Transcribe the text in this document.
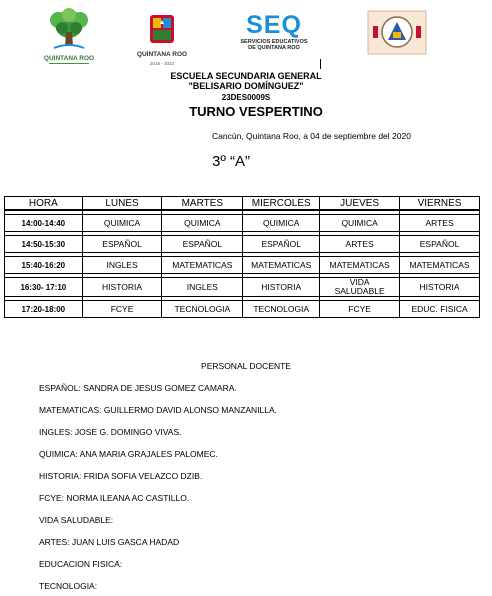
QUINTANA ROO
QUINTANA ROO
2016 - 2022
SEQ
SERVICIOS EDUCATIVOS
DE QUINTANA ROO
ESCUELA SECUNDARIA GENERAL
"BELISARIO DOMÍNGUEZ"
23DES0009S
TURNO VESPERTINO
Cancún, Quintana Roo, a 04 de septiembre del 2020
3º “A”
HORA	LUNES	MARTES	MIERCOLES	JUEVES	VIERNES

14:00-14:40	QUIMICA	QUIMICA	QUIMICA	QUIMICA	ARTES

14:50-15:30	ESPAÑOL	ESPAÑOL	ESPAÑOL	ARTES	ESPAÑOL

15:40-16:20	INGLES	MATEMATICAS	MATEMATICAS	MATEMATICAS	MATEMATICAS

16:30- 17:10	HISTORIA	INGLES	HISTORIA	VIDA SALUDABLE	HISTORIA

17:20-18:00	FCYE	TECNOLOGIA	TECNOLOGIA	FCYE	EDUC. FISICA
PERSONAL DOCENTE
ESPAÑOL: SANDRA DE JESUS GOMEZ CAMARA.
MATEMATICAS: GUILLERMO DAVID ALONSO MANZANILLA.
INGLES: JOSE G. DOMINGO VIVAS.
QUIMICA: ANA MARIA GRAJALES PALOMEC.
HISTORIA: FRIDA SOFIA VELAZCO DZIB.
FCYE: NORMA ILEANA AC CASTILLO.
VIDA SALUDABLE:
ARTES: JUAN LUIS GASCA HADAD
EDUCACION FISICA:
TECNOLOGIA:
